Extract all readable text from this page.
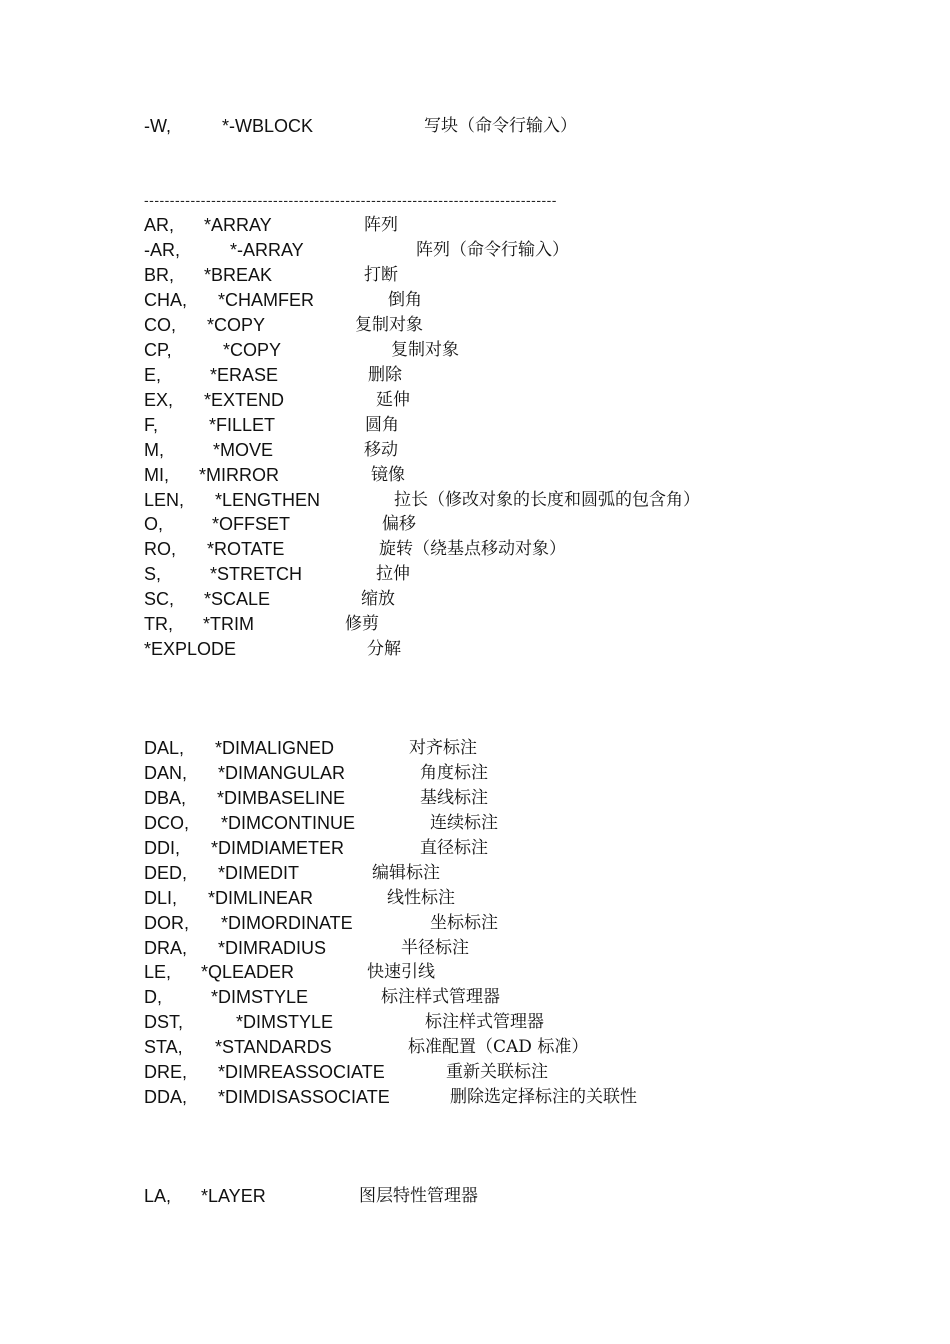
-W,	*-WBLOCK	写块（命令行输入）
--------------------------------------------------------------------------------
AR, *ARRAY	阵列
-AR,	*-ARRAY	阵列（命令行输入）
BR, *BREAK	打断
CHA, *CHAMFER	倒角
CO, *COPY	复制对象
CP,	*COPY	复制对象
E,	*ERASE	删除
EX, *EXTEND	延伸
F,	*FILLET	圆角
M,	*MOVE	移动
MI, *MIRROR	镜像
LEN, *LENGTHEN	拉长（修改对象的长度和圆弧的包含角）
O,	*OFFSET	偏移
RO, *ROTATE	旋转（绕基点移动对象）
S,	*STRETCH	拉伸
SC, *SCALE	缩放
TR, *TRIM	修剪
*EXPLODE	分解
DAL, *DIMALIGNED	对齐标注
DAN, *DIMANGULAR	角度标注
DBA, *DIMBASELINE	基线标注
DCO, *DIMCONTINUE	连续标注
DDI, *DIMDIAMETER	直径标注
DED, *DIMEDIT	编辑标注
DLI, *DIMLINEAR	线性标注
DOR, *DIMORDINATE	坐标标注
DRA, *DIMRADIUS	半径标注
LE, *QLEADER	快速引线
D,	*DIMSTYLE	标注样式管理器
DST,	*DIMSTYLE	标注样式管理器
STA, *STANDARDS	标准配置（CAD 标准）
DRE, *DIMREASSOCIATE	重新关联标注
DDA, *DIMDISASSOCIATE	删除选定择标注的关联性
LA, *LAYER	图层特性管理器
